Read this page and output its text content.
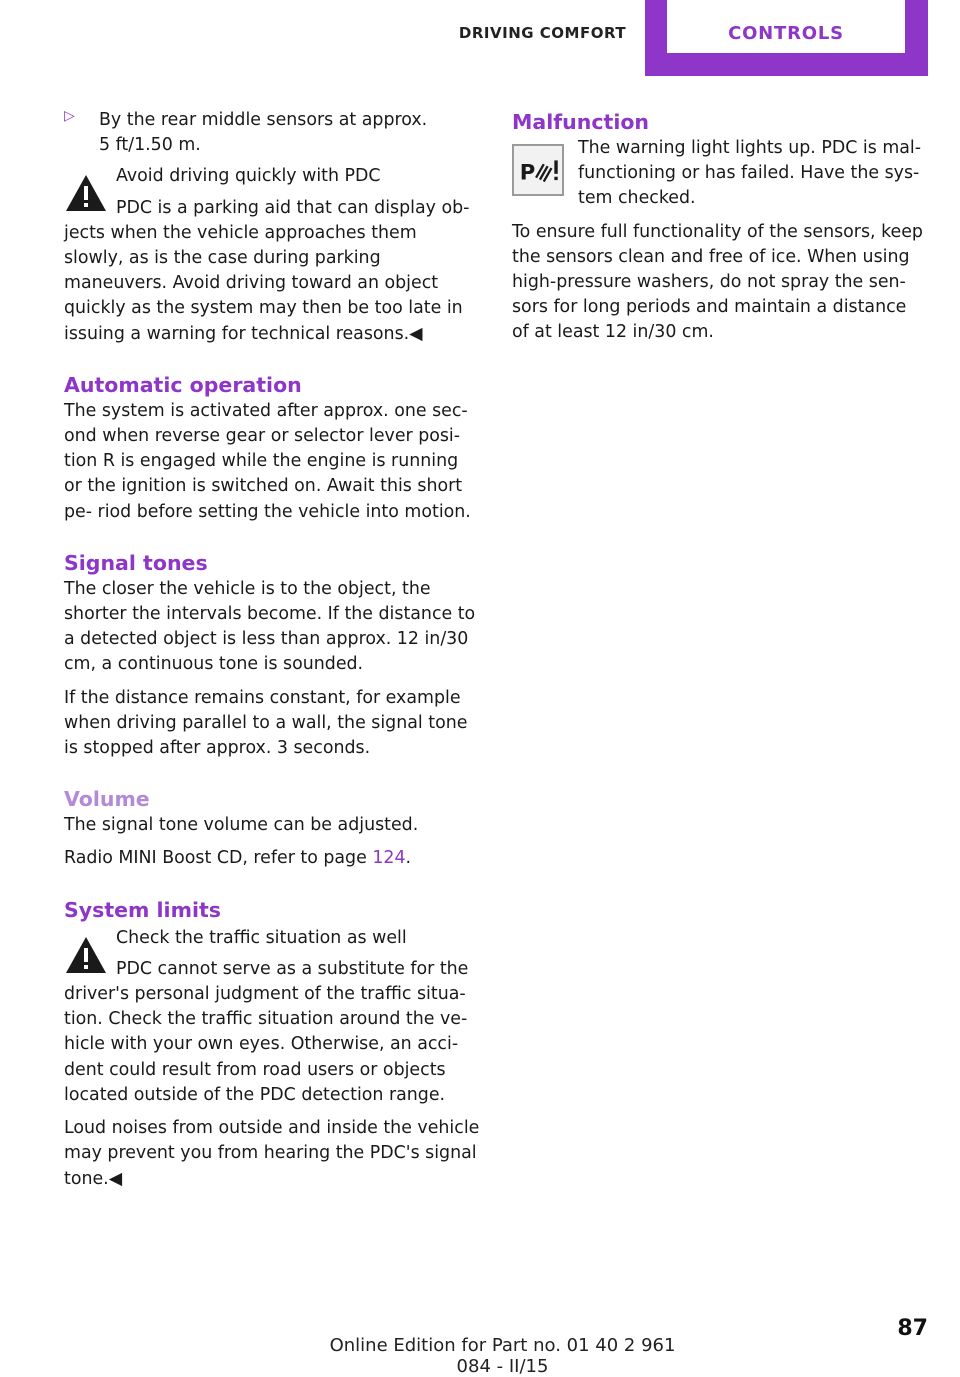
DRIVING COMFORT	CONTROLS
▷ By the rear middle sensors at approx.
5 ft/1.50 m.

Avoid driving quickly with PDC

PDC is a parking aid that can display ob-

jects when the vehicle approaches them slowly, as is the case during parking maneuvers. Avoid driving toward an object quickly as the system may then be too late in issuing a warning for technical reasons.◀

Automatic operation

The system is activated after approx. one sec- ond when reverse gear or selector lever posi- tion R is engaged while the engine is running or the ignition is switched on. Await this short pe- riod before setting the vehicle into motion.

Signal tones

The closer the vehicle is to the object, the shorter the intervals become. If the distance to a detected object is less than approx. 12 in/30 cm, a continuous tone is sounded.

If the distance remains constant, for example when driving parallel to a wall, the signal tone is stopped after approx. 3 seconds.

Volume

The signal tone volume can be adjusted.

Radio MINI Boost CD, refer to page 124.

System limits

Check the traffic situation as well

PDC cannot serve as a substitute for the

driver's personal judgment of the traffic situa- tion. Check the traffic situation around the ve- hicle with your own eyes. Otherwise, an acci- dent could result from road users or objects located outside of the PDC detection range.

Loud noises from outside and inside the vehicle may prevent you from hearing the PDC's signal tone.◀

Malfunction
P

The warning light lights up. PDC is mal- functioning or has failed. Have the sys- tem checked.

To ensure full functionality of the sensors, keep the sensors clean and free of ice. When using high-pressure washers, do not spray the sen- sors for long periods and maintain a distance of at least 12 in/30 cm.

Online Edition for Part no. 01 40 2 961 084 - II/15
87
